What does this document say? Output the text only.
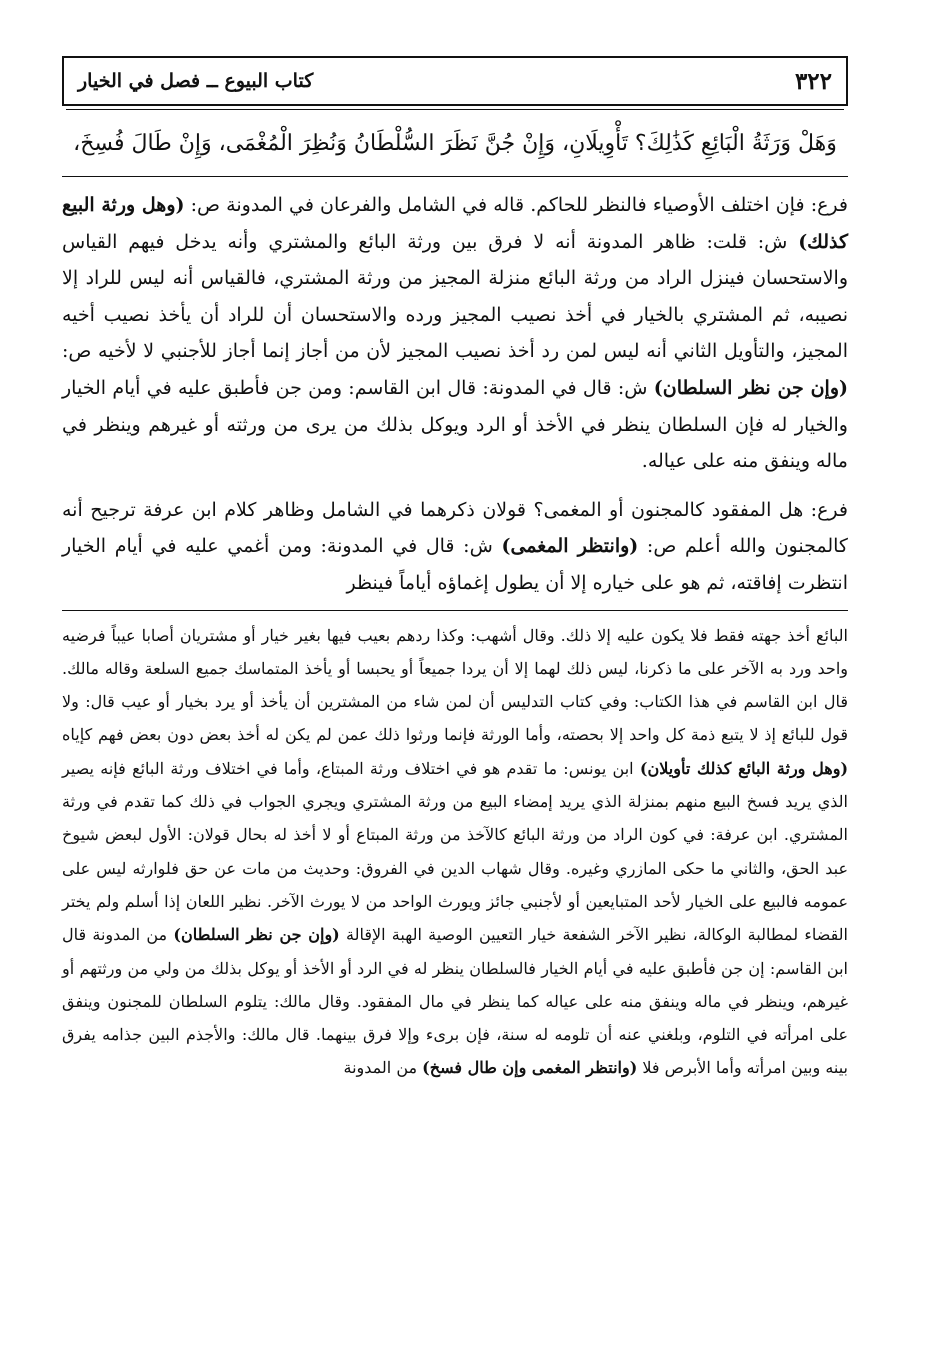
٣٢٢
كتاب البيوع ــ فصل في الخيار
وَهَلْ وَرَثَةُ الْبَائِعِ كَذَٰلِكَ؟ تَأْوِيلَانِ، وَإِنْ جُنَّ نَظَرَ السُّلْطَانُ وَنُظِرَ الْمُغْمَى، وَإِنْ طَالَ فُسِخَ،

فرع: فإن اختلف الأوصياء فالنظر للحاكم. قاله في الشامل والفرعان في المدونة ص: (وهل ورثة البيع كذلك) ش: قلت: ظاهر المدونة أنه لا فرق بين ورثة البائع والمشتري وأنه يدخل فيهم القياس والاستحسان فينزل الراد من ورثة البائع منزلة المجيز من ورثة المشتري، فالقياس أنه ليس للراد إلا نصيبه، ثم المشتري بالخيار في أخذ نصيب المجيز ورده والاستحسان أن للراد أن يأخذ نصيب أخيه المجيز، والتأويل الثاني أنه ليس لمن رد أخذ نصيب المجيز لأن من أجاز إنما أجاز للأجنبي لا لأخيه ص: (وإن جن نظر السلطان) ش: قال في المدونة: قال ابن القاسم: ومن جن فأطبق عليه في أيام الخيار والخيار له فإن السلطان ينظر في الأخذ أو الرد ويوكل بذلك من يرى من ورثته أو غيرهم وينظر في ماله وينفق منه على عياله.

فرع: هل المفقود كالمجنون أو المغمى؟ قولان ذكرهما في الشامل وظاهر كلام ابن عرفة ترجيح أنه كالمجنون والله أعلم ص: (وانتظر المغمى) ش: قال في المدونة: ومن أغمي عليه في أيام الخيار انتظرت إفاقته، ثم هو على خياره إلا أن يطول إغماؤه أياماً فينظر

البائع أخذ جهته فقط فلا يكون عليه إلا ذلك. وقال أشهب: وكذا ردهم بعيب فيها بغير خيار أو مشتريان أصابا عيباً فرضيه واحد ورد به الآخر على ما ذكرنا، ليس ذلك لهما إلا أن يردا جميعاً أو يحبسا أو يأخذ المتماسك جميع السلعة وقاله مالك. قال ابن القاسم في هذا الكتاب: وفي كتاب التدليس أن لمن شاء من المشترين أن يأخذ أو يرد بخيار أو عيب قال: ولا قول للبائع إذ لا يتبع ذمة كل واحد إلا بحصته، وأما الورثة فإنما ورثوا ذلك عمن لم يكن له أخذ بعض دون بعض فهم كإياه (وهل ورثة البائع كذلك تأويلان) ابن يونس: ما تقدم هو في اختلاف ورثة المبتاع، وأما في اختلاف ورثة البائع فإنه يصير الذي يريد فسخ البيع منهم بمنزلة الذي يريد إمضاء البيع من ورثة المشتري ويجري الجواب في ذلك كما تقدم في ورثة المشتري. ابن عرفة: في كون الراد من ورثة البائع كالآخذ من ورثة المبتاع أو لا أخذ له بحال قولان: الأول لبعض شيوخ عبد الحق، والثاني ما حكى المازري وغيره. وقال شهاب الدين في الفروق: وحديث من مات عن حق فلوارثه ليس على عمومه فالبيع على الخيار لأحد المتبايعين أو لأجنبي جائز ويورث الواحد من لا يورث الآخر. نظير اللعان إذا أسلم ولم يختر القضاء لمطالبة الوكالة، نظير الآخر الشفعة خيار التعيين الوصية الهبة الإقالة (وإن جن نظر السلطان) من المدونة قال ابن القاسم: إن جن فأطبق عليه في أيام الخيار فالسلطان ينظر له في الرد أو الأخذ أو يوكل بذلك من ولي من ورثتهم أو غيرهم، وينظر في ماله وينفق منه على عياله كما ينظر في مال المفقود. وقال مالك: يتلوم السلطان للمجنون وينفق على امرأته في التلوم، وبلغني عنه أن تلومه له سنة، فإن برىء وإلا فرق بينهما. قال مالك: والأجذم البين جذامه يفرق بينه وبين امرأته وأما الأبرص فلا (وانتظر المغمى وإن طال فسخ) من المدونة
